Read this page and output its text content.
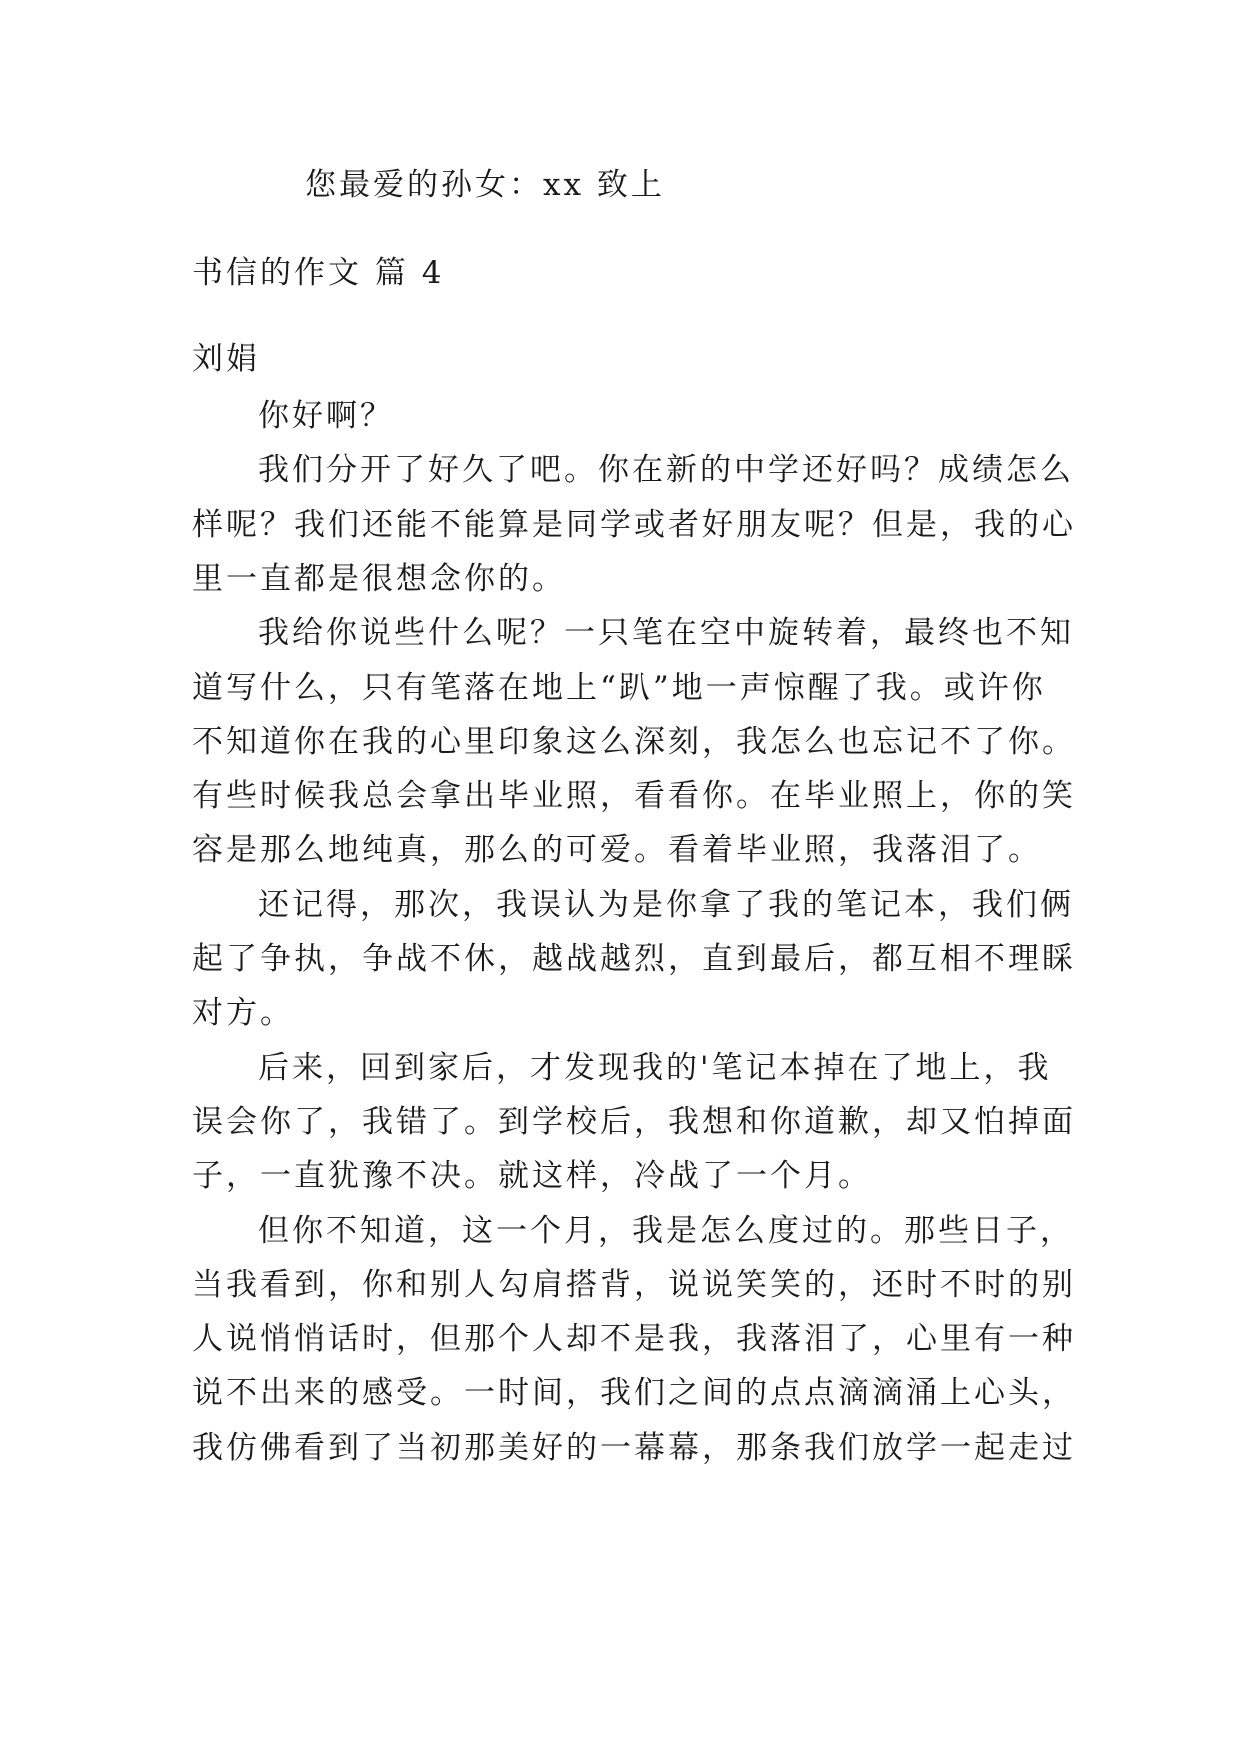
您最爱的孙女：xx 致上
书信的作文 篇 4
刘娟
你好啊？
我们分开了好久了吧。你在新的中学还好吗？成绩怎么
样呢？我们还能不能算是同学或者好朋友呢？但是，我的心
里一直都是很想念你的。
我给你说些什么呢？一只笔在空中旋转着，最终也不知
道写什么，只有笔落在地上“趴”地一声惊醒了我。或许你
不知道你在我的心里印象这么深刻，我怎么也忘记不了你。
有些时候我总会拿出毕业照，看看你。在毕业照上，你的笑
容是那么地纯真，那么的可爱。看着毕业照，我落泪了。
还记得，那次，我误认为是你拿了我的笔记本，我们俩
起了争执，争战不休，越战越烈，直到最后，都互相不理睬
对方。
后来，回到家后，才发现我的'笔记本掉在了地上，我
误会你了，我错了。到学校后，我想和你道歉，却又怕掉面
子，一直犹豫不决。就这样，冷战了一个月。
但你不知道，这一个月，我是怎么度过的。那些日子，
当我看到，你和别人勾肩搭背，说说笑笑的，还时不时的别
人说悄悄话时，但那个人却不是我，我落泪了，心里有一种
说不出来的感受。一时间，我们之间的点点滴滴涌上心头，
我仿佛看到了当初那美好的一幕幕，那条我们放学一起走过
